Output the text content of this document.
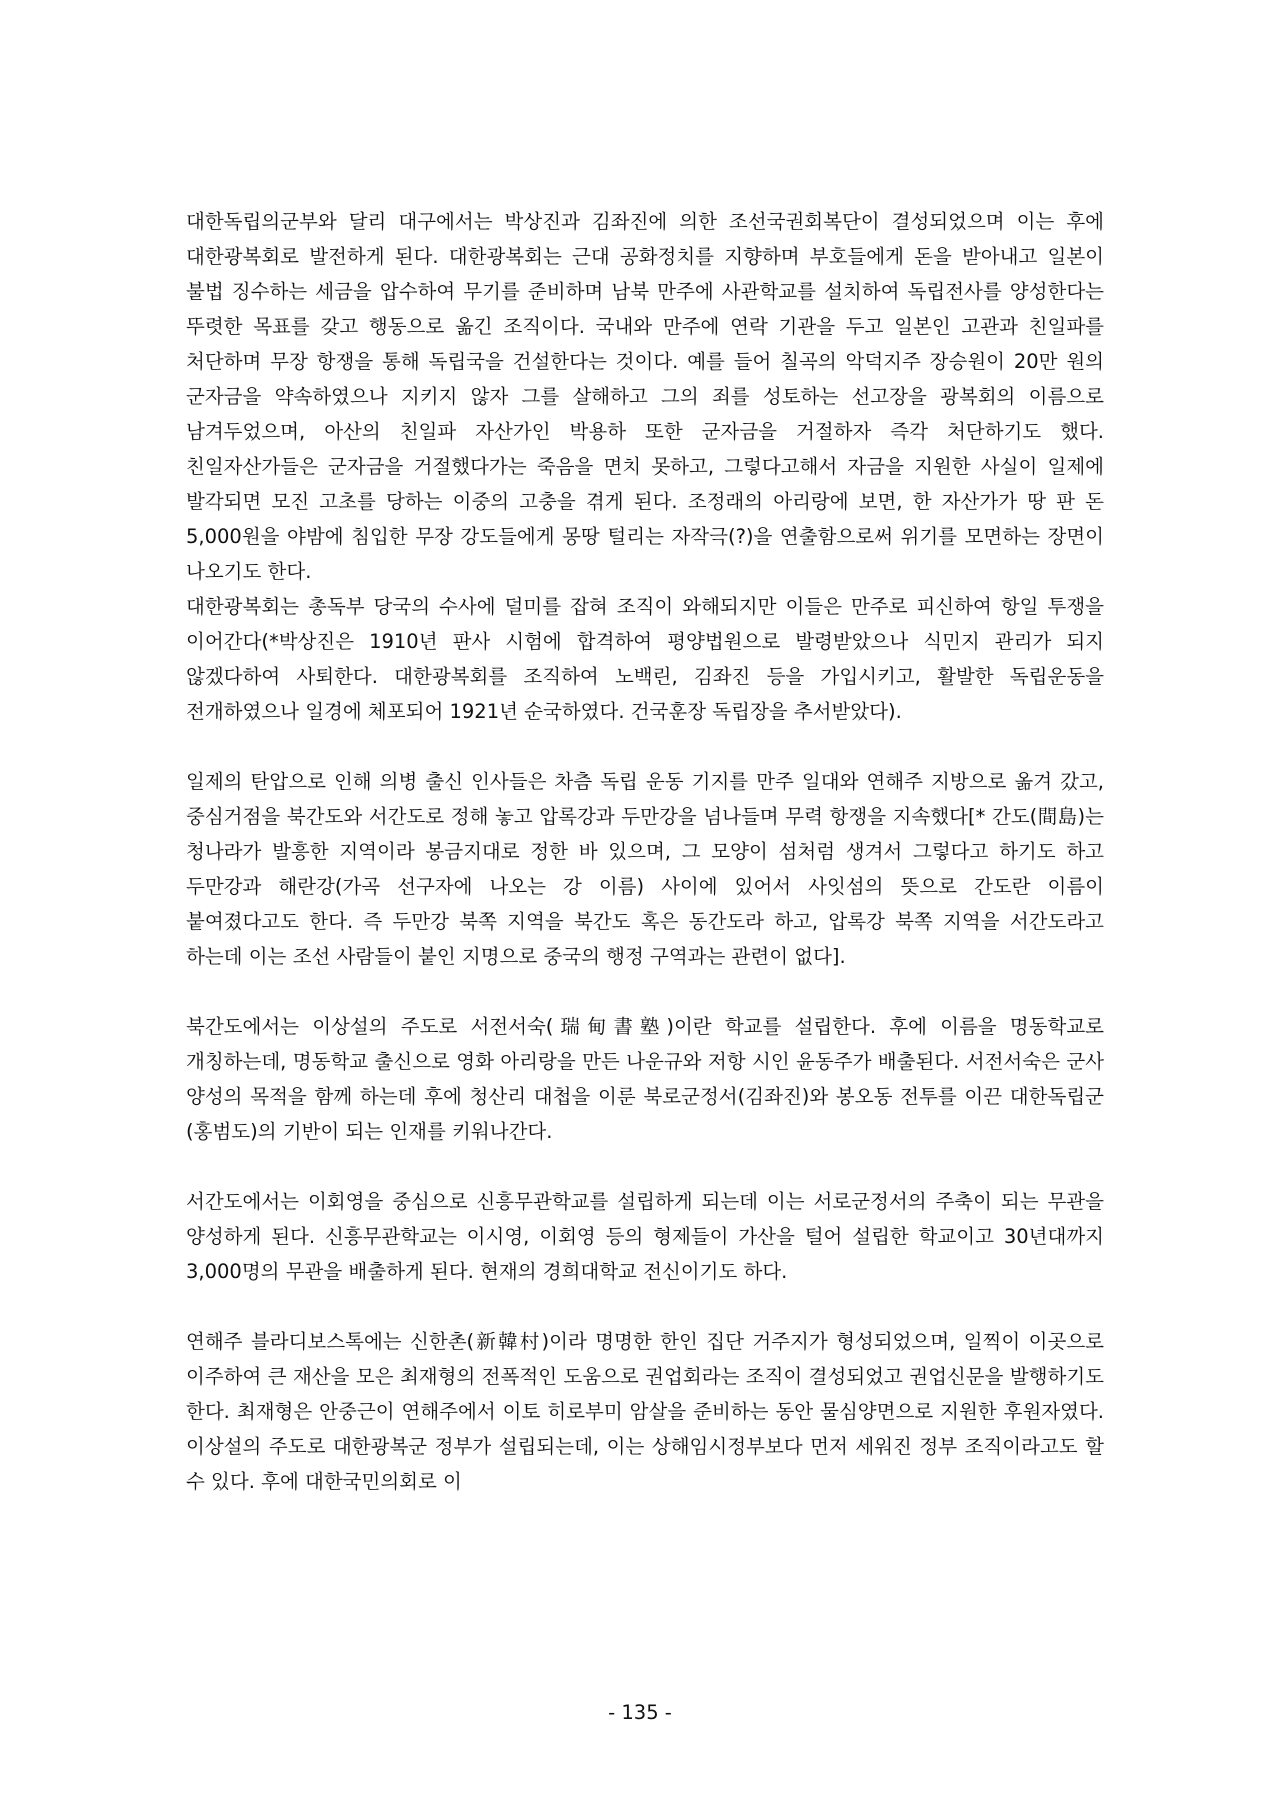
대한독립의군부와 달리 대구에서는 박상진과 김좌진에 의한 조선국권회복단이 결성되었으며 이는 후에 대한광복회로 발전하게 된다. 대한광복회는 근대 공화정치를 지향하며 부호들에게 돈을 받아내고 일본이 불법 징수하는 세금을 압수하여 무기를 준비하며 남북 만주에 사관학교를 설치하여 독립전사를 양성한다는 뚜렷한 목표를 갖고 행동으로 옮긴 조직이다. 국내와 만주에 연락 기관을 두고 일본인 고관과 친일파를 처단하며 무장 항쟁을 통해 독립국을 건설한다는 것이다. 예를 들어 칠곡의 악덕지주 장승원이 20만 원의 군자금을 약속하였으나 지키지 않자 그를 살해하고 그의 죄를 성토하는 선고장을 광복회의 이름으로 남겨두었으며, 아산의 친일파 자산가인 박용하 또한 군자금을 거절하자 즉각 처단하기도 했다. 친일자산가들은 군자금을 거절했다가는 죽음을 면치 못하고, 그렇다고해서 자금을 지원한 사실이 일제에 발각되면 모진 고초를 당하는 이중의 고충을 겪게 된다. 조정래의 아리랑에 보면, 한 자산가가 땅 판 돈 5,000원을 야밤에 침입한 무장 강도들에게 몽땅 털리는 자작극(?)을 연출함으로써 위기를 모면하는 장면이 나오기도 한다.

대한광복회는 총독부 당국의 수사에 덜미를 잡혀 조직이 와해되지만 이들은 만주로 피신하여 항일 투쟁을 이어간다(*박상진은 1910년 판사 시험에 합격하여 평양법원으로 발령받았으나 식민지 관리가 되지 않겠다하여 사퇴한다. 대한광복회를 조직하여 노백린, 김좌진 등을 가입시키고, 활발한 독립운동을 전개하였으나 일경에 체포되어 1921년 순국하였다. 건국훈장 독립장을 추서받았다).

일제의 탄압으로 인해 의병 출신 인사들은 차츰 독립 운동 기지를 만주 일대와 연해주 지방으로 옮겨 갔고, 중심거점을 북간도와 서간도로 정해 놓고 압록강과 두만강을 넘나들며 무력 항쟁을 지속했다[* 간도(間島)는 청나라가 발흥한 지역이라 봉금지대로 정한 바 있으며, 그 모양이 섬처럼 생겨서 그렇다고 하기도 하고 두만강과 해란강(가곡 선구자에 나오는 강 이름) 사이에 있어서 사잇섬의 뜻으로 간도란 이름이 붙여졌다고도 한다. 즉 두만강 북쪽 지역을 북간도 혹은 동간도라 하고, 압록강 북쪽 지역을 서간도라고 하는데 이는 조선 사람들이 붙인 지명으로 중국의 행정 구역과는 관련이 없다].

북간도에서는 이상설의 주도로 서전서숙(瑞甸書塾)이란 학교를 설립한다. 후에 이름을 명동학교로 개칭하는데, 명동학교 출신으로 영화 아리랑을 만든 나운규와 저항 시인 윤동주가 배출된다. 서전서숙은 군사 양성의 목적을 함께 하는데 후에 청산리 대첩을 이룬 북로군정서(김좌진)와 봉오동 전투를 이끈 대한독립군(홍범도)의 기반이 되는 인재를 키워나간다.

서간도에서는 이회영을 중심으로 신흥무관학교를 설립하게 되는데 이는 서로군정서의 주축이 되는 무관을 양성하게 된다. 신흥무관학교는 이시영, 이회영 등의 형제들이 가산을 털어 설립한 학교이고 30년대까지 3,000명의 무관을 배출하게 된다. 현재의 경희대학교 전신이기도 하다.

연해주 블라디보스톡에는 신한촌(新韓村)이라 명명한 한인 집단 거주지가 형성되었으며, 일찍이 이곳으로 이주하여 큰 재산을 모은 최재형의 전폭적인 도움으로 권업회라는 조직이 결성되었고 권업신문을 발행하기도 한다. 최재형은 안중근이 연해주에서 이토 히로부미 암살을 준비하는 동안 물심양면으로 지원한 후원자였다. 이상설의 주도로 대한광복군 정부가 설립되는데, 이는 상해임시정부보다 먼저 세워진 정부 조직이라고도 할 수 있다. 후에 대한국민의회로 이

- 135 -
